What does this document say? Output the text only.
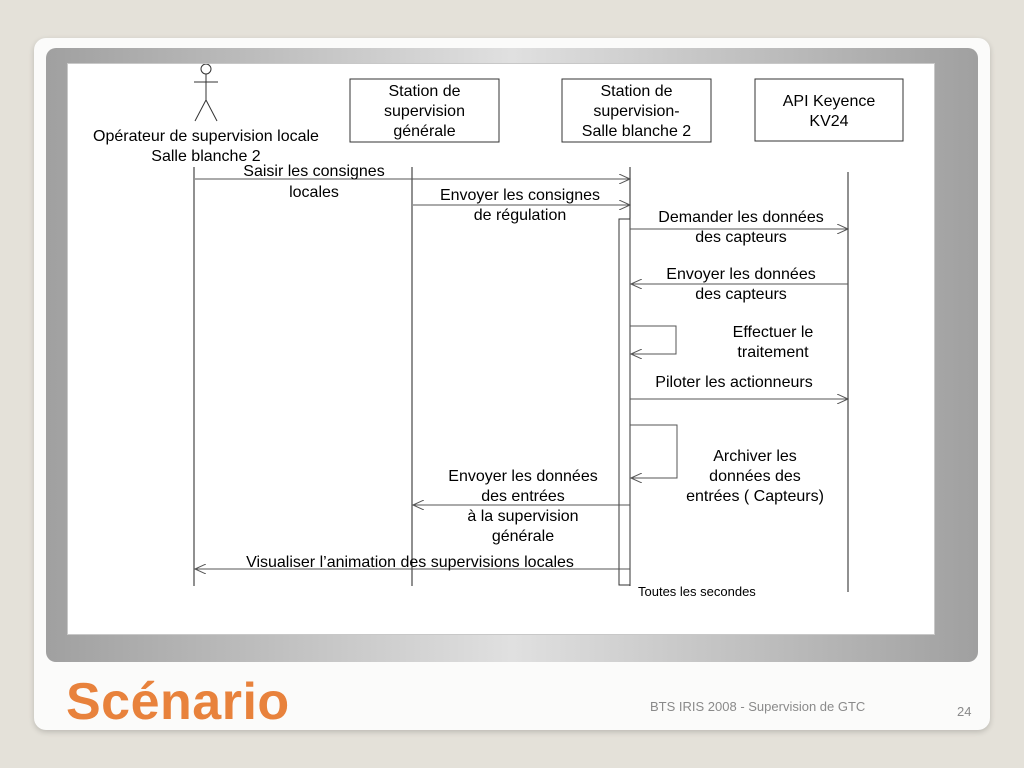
Opérateur de supervision locale
Salle blanche 2
Station de
supervision
générale
Station de
supervision-
Salle blanche 2
API Keyence
KV24
Saisir les consignes
locales	Envoyer les consignes
de régulation	Demander les données
des capteurs
Envoyer les données
des capteurs
Effectuer le
traitement
Piloter les actionneurs
Archiver les
données des
entrées ( Capteurs)
Envoyer les données
des entrées
à la supervision
générale
Visualiser l’animation des supervisions locales
Toutes les secondes
Scénario	BTS IRIS 2008 - Supervision de GTC	24
